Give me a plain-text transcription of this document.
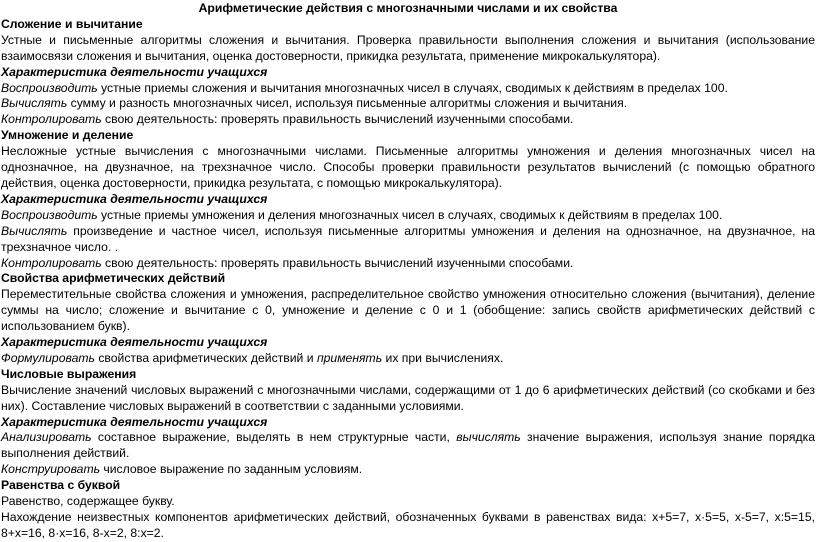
Арифметические действия с многозначными числами и их свойства
Сложение и вычитание

Устные и письменные алгоритмы сложения и вычитания. Проверка правильности выполнения сложения и вычитания (использование взаимосвязи сложения и вычитания, оценка достоверности, прикидка результата, применение микрокалькулятора).

Характеристика деятельности учащихся

Воспроизводить устные приемы сложения и вычитания многозначных чисел в случаях, сводимых к действиям в пределах 100.

Вычислять сумму и разность многозначных чисел, используя письменные алгоритмы сложения и вычитания.

Контролировать свою деятельность: проверять правильность вычислений изученными способами.

Умножение и деление

Несложные устные вычисления с многозначными числами. Письменные алгоритмы умножения и деления многозначных чисел на однозначное, на двузначное, на трехзначное число. Способы проверки правильности результатов вычислений (с помощью обратного действия, оценка достоверности, прикидка результата, с помощью микрокалькулятора).

Характеристика деятельности учащихся

Воспроизводить устные приемы умножения и деления многозначных чисел в случаях, сводимых к действиям в пределах 100.

Вычислять произведение и частное чисел, используя письменные алгоритмы умножения и деления на однозначное, на двузначное, на трехзначное число. .

Контролировать свою деятельность: проверять правильность вычислений изученными способами.

Свойства арифметических действий

Переместительные свойства сложения и умножения, распределительное свойство умножения относительно сложения (вычитания), деление суммы на число; сложение и вычитание с 0, умножение и деление с 0 и 1 (обобщение: запись свойств арифметических действий с использованием букв).

Характеристика деятельности учащихся

Формулировать свойства арифметических действий и применять их при вычислениях.

Числовые выражения

Вычисление значений числовых выражений с многозначными числами, содержащими от 1 до 6 арифметических действий (со скобками и без них). Составление числовых выражений в соответствии с заданными условиями.

Характеристика деятельности учащихся

Анализировать составное выражение, выделять в нем структурные части, вычислять значение выражения, используя знание порядка выполнения действий.

Конструировать числовое выражение по заданным условиям.

Равенства с буквой

Равенство, содержащее букву.

Нахождение неизвестных компонентов арифметических действий, обозначенных буквами в равенствах вида: x+5=7, x·5=5, x-5=7, x:5=15, 8+x=16, 8·x=16, 8-x=2, 8:x=2.
